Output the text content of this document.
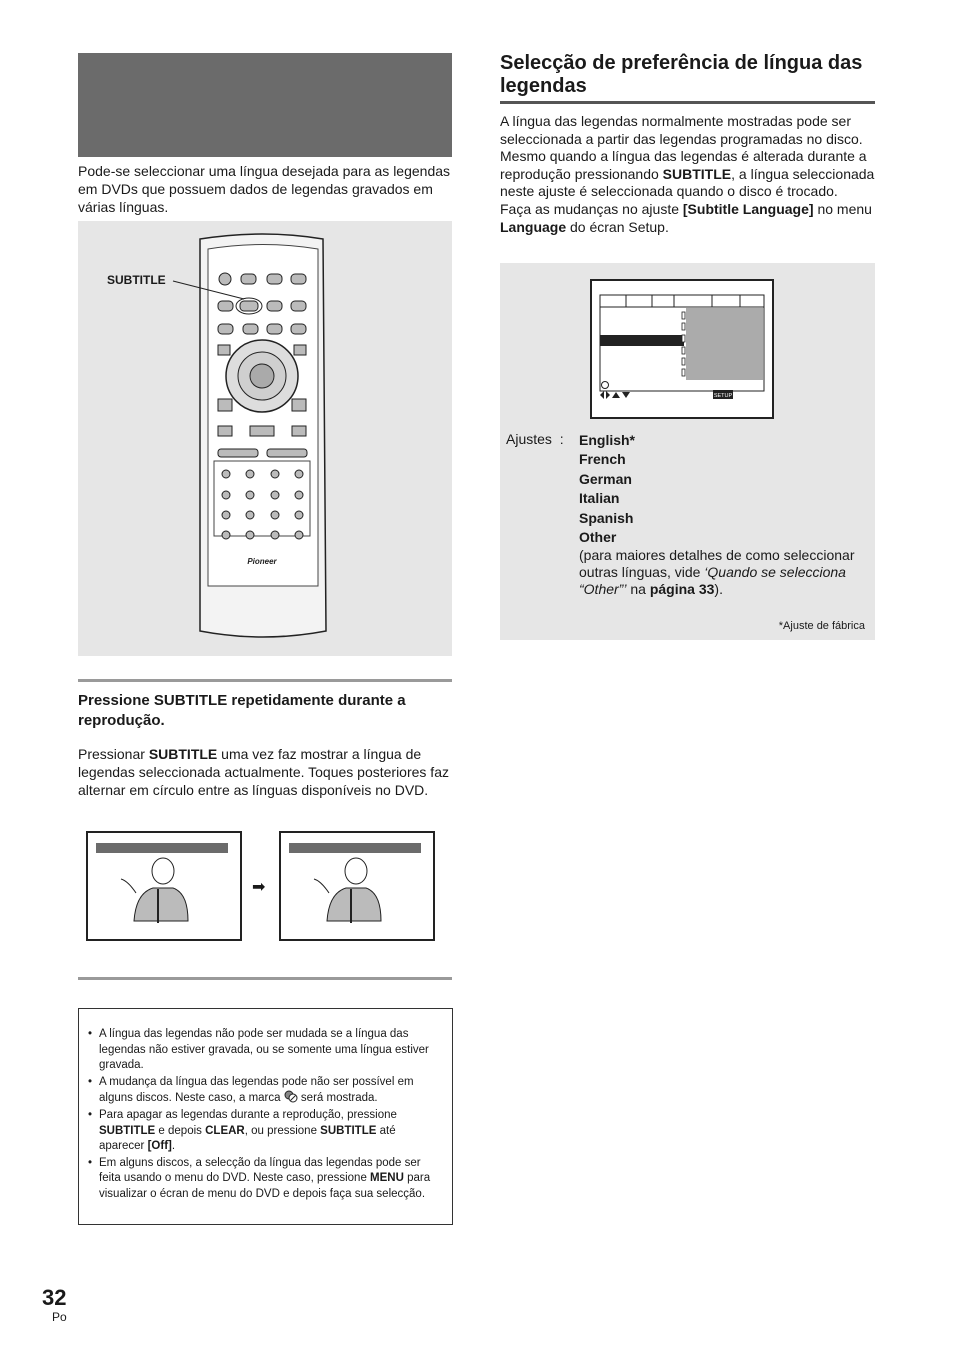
Pode-se seleccionar uma língua desejada para as legendas em DVDs que possuem dados de legendas gravados em várias línguas.
Pioneer
SUBTITLE
Pressione SUBTITLE repetidamente durante a reprodução.
Pressionar SUBTITLE uma vez faz mostrar a língua de legendas seleccionada actualmente. Toques posteriores faz alternar em círculo entre as línguas disponíveis no DVD.
➡
• A língua das legendas não pode ser mudada se a língua das legendas não estiver gravada, ou se somente uma língua estiver gravada.
• A mudança da língua das legendas pode não ser possível em alguns discos. Neste caso, a marca  será mostrada.
• Para apagar as legendas durante a reprodução, pressione SUBTITLE e depois CLEAR, ou pressione SUBTITLE até aparecer [Off].
• Em alguns discos, a selecção da língua das legendas pode ser feita usando o menu do DVD. Neste caso, pressione MENU para visualizar o écran de menu do DVD e depois faça sua selecção.
Selecção de preferência de língua das legendas
A língua das legendas normalmente mostradas pode ser seleccionada a partir das legendas programadas no disco. Mesmo quando a língua das legendas é alterada durante a reprodução pressionando SUBTITLE, a língua seleccionada neste ajuste é seleccionada quando o disco é trocado.
Faça as mudanças no ajuste [Subtitle Language] no menu Language do écran Setup.
SETUP
Ajustes : English*
French
German
Italian
Spanish
Other
(para maiores detalhes de como seleccionar outras línguas, vide ‘Quando se selecciona “Other”’ na página 33).
*Ajuste de fábrica
32
Po
